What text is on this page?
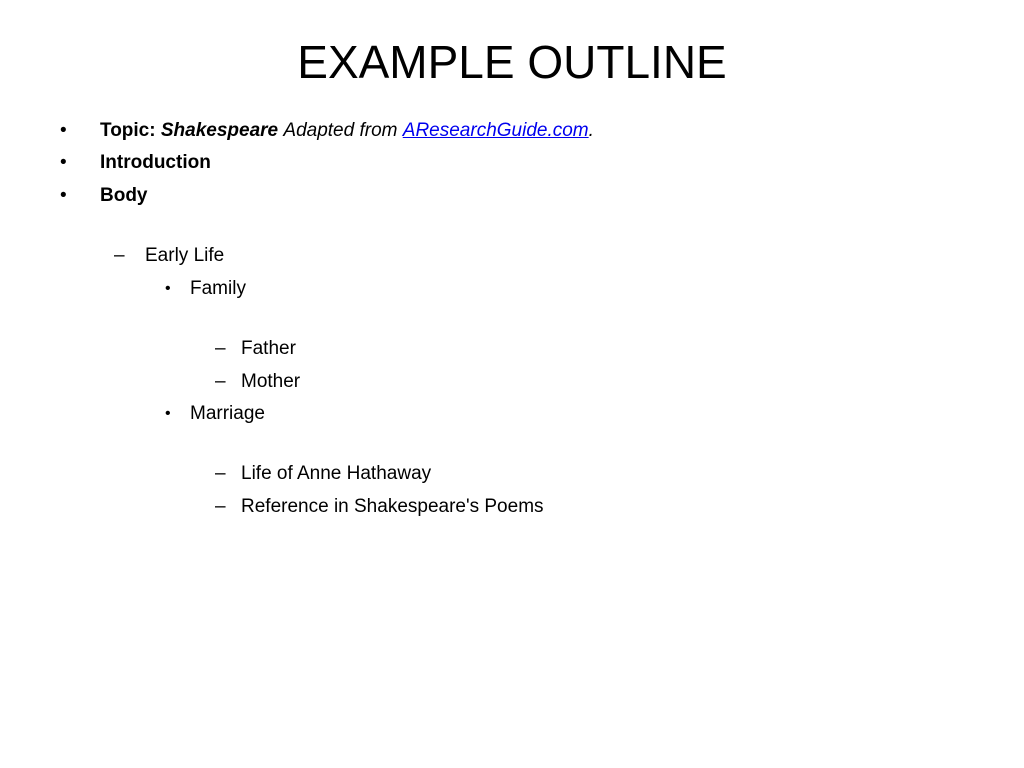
EXAMPLE OUTLINE
• Topic: Shakespeare Adapted from AResearchGuide.com.
• Introduction
• Body
– Early Life
• Family
– Father
– Mother
• Marriage
– Life of Anne Hathaway
– Reference in Shakespeare's Poems
